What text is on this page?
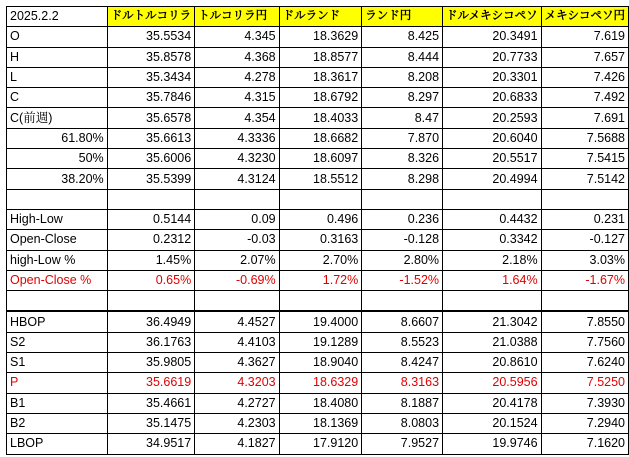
2025.2.2	ドルトルコリラ	トルコリラ円	ドルランド	ランド円	ドルメキシコペソ	メキシコペソ円
O	35.5534	4.345	18.3629	8.425	20.3491	7.619
H	35.8578	4.368	18.8577	8.444	20.7733	7.657
L	35.3434	4.278	18.3617	8.208	20.3301	7.426
C	35.7846	4.315	18.6792	8.297	20.6833	7.492
C(前週)	35.6578	4.354	18.4033	8.47	20.2593	7.691
61.80%	35.6613	4.3336	18.6682	7.870	20.6040	7.5688
50%	35.6006	4.3230	18.6097	8.326	20.5517	7.5415
38.20%	35.5399	4.3124	18.5512	8.298	20.4994	7.5142

High-Low	0.5144	0.09	0.496	0.236	0.4432	0.231
Open-Close	0.2312	-0.03	0.3163	-0.128	0.3342	-0.127
high-Low %	1.45%	2.07%	2.70%	2.80%	2.18%	3.03%
Open-Close %	0.65%	-0.69%	1.72%	-1.52%	1.64%	-1.67%

HBOP	36.4949	4.4527	19.4000	8.6607	21.3042	7.8550
S2	36.1763	4.4103	19.1289	8.5523	21.0388	7.7560
S1	35.9805	4.3627	18.9040	8.4247	20.8610	7.6240
P	35.6619	4.3203	18.6329	8.3163	20.5956	7.5250
B1	35.4661	4.2727	18.4080	8.1887	20.4178	7.3930
B2	35.1475	4.2303	18.1369	8.0803	20.1524	7.2940
LBOP	34.9517	4.1827	17.9120	7.9527	19.9746	7.1620
